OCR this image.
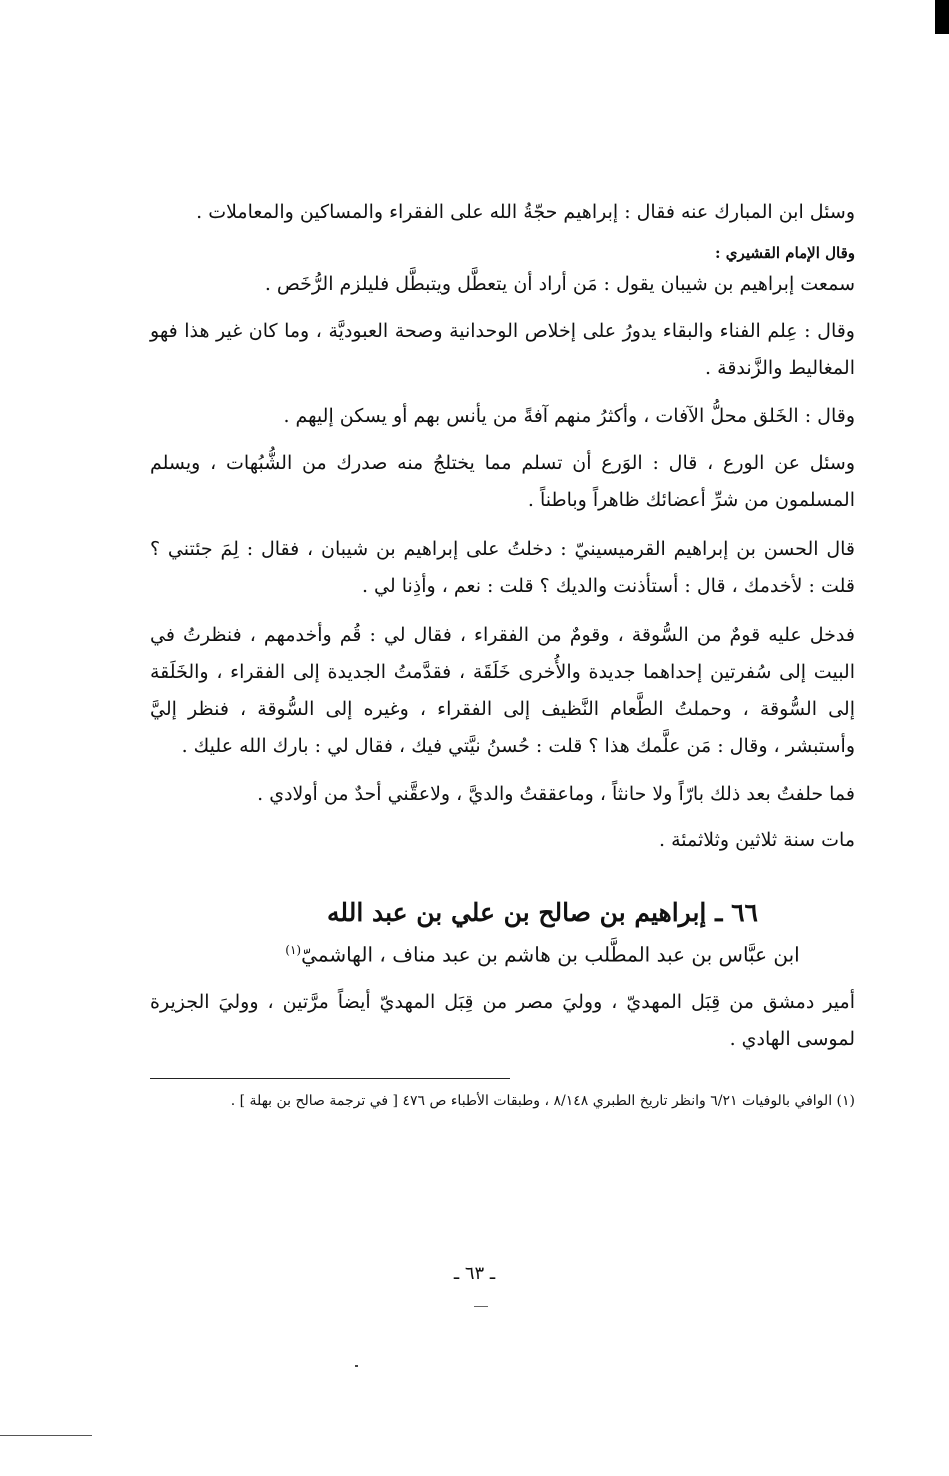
وسئل ابن المبارك عنه فقال : إبراهيم حجّةُ الله على الفقراء والمساكين والمعاملات .

وقال الإمام القشيري :

سمعت إبراهيم بن شيبان يقول : مَن أراد أن يتعطَّل ويتبطَّل فليلزم الرُّخَص .

وقال : عِلم الفناء والبقاء يدورُ على إخلاص الوحدانية وصحة العبوديَّة ، وما كان غير هذا فهو المغاليط والزَّندقة .

وقال : الخَلق محلُّ الآفات ، وأكثرُ منهم آفةً من يأنس بهم أو يسكن إليهم .

وسئل عن الورع ، قال : الوَرع أن تسلم مما يختلجُ منه صدرك من الشُّبُهات ، ويسلم المسلمون من شرِّ أعضائك ظاهراً وباطناً .

قال الحسن بن إبراهيم القرميسينيّ : دخلتُ على إبراهيم بن شيبان ، فقال : لِمَ جئتني ؟ قلت : لأخدمك ، قال : أستأذنت والديك ؟ قلت : نعم ، وأذِنا لي .

فدخل عليه قومٌ من السُّوقة ، وقومٌ من الفقراء ، فقال لي : قُم وأخدمهم ، فنظرتُ في البيت إلى سُفرتين إحداهما جديدة والأُخرى خَلَقَة ، فقدَّمتُ الجديدة إلى الفقراء ، والخَلَقة إلى السُّوقة ، وحملتُ الطَّعام النَّظيف إلى الفقراء ، وغيره إلى السُّوقة ، فنظر إليَّ وأستبشر ، وقال : مَن علَّمك هذا ؟ قلت : حُسنُ نيَّتي فيك ، فقال لي : بارك الله عليك .

فما حلفتُ بعد ذلك بارّاً ولا حانثاً ، وماعققتُ والديَّ ، ولاعقَّني أحدٌ من أولادي .

مات سنة ثلاثين وثلاثمئة .

٦٦ ـ إبراهيم بن صالح بن علي بن عبد الله
ابن عبَّاس بن عبد المطَّلب بن هاشم بن عبد مناف ، الهاشميّ$^{(١)}$

أمير دمشق من قِبَل المهديّ ، ووليَ مصر من قِبَل المهديّ أيضاً مرَّتين ، ووليَ الجزيرة لموسى الهادي .

(١) الوافي بالوفيات ٦/٢١ وانظر تاريخ الطبري ٨/١٤٨ ، وطبقات الأطباء ص ٤٧٦ [ في ترجمة صالح بن بهلة ] .

ـ ٦٣ ـ
